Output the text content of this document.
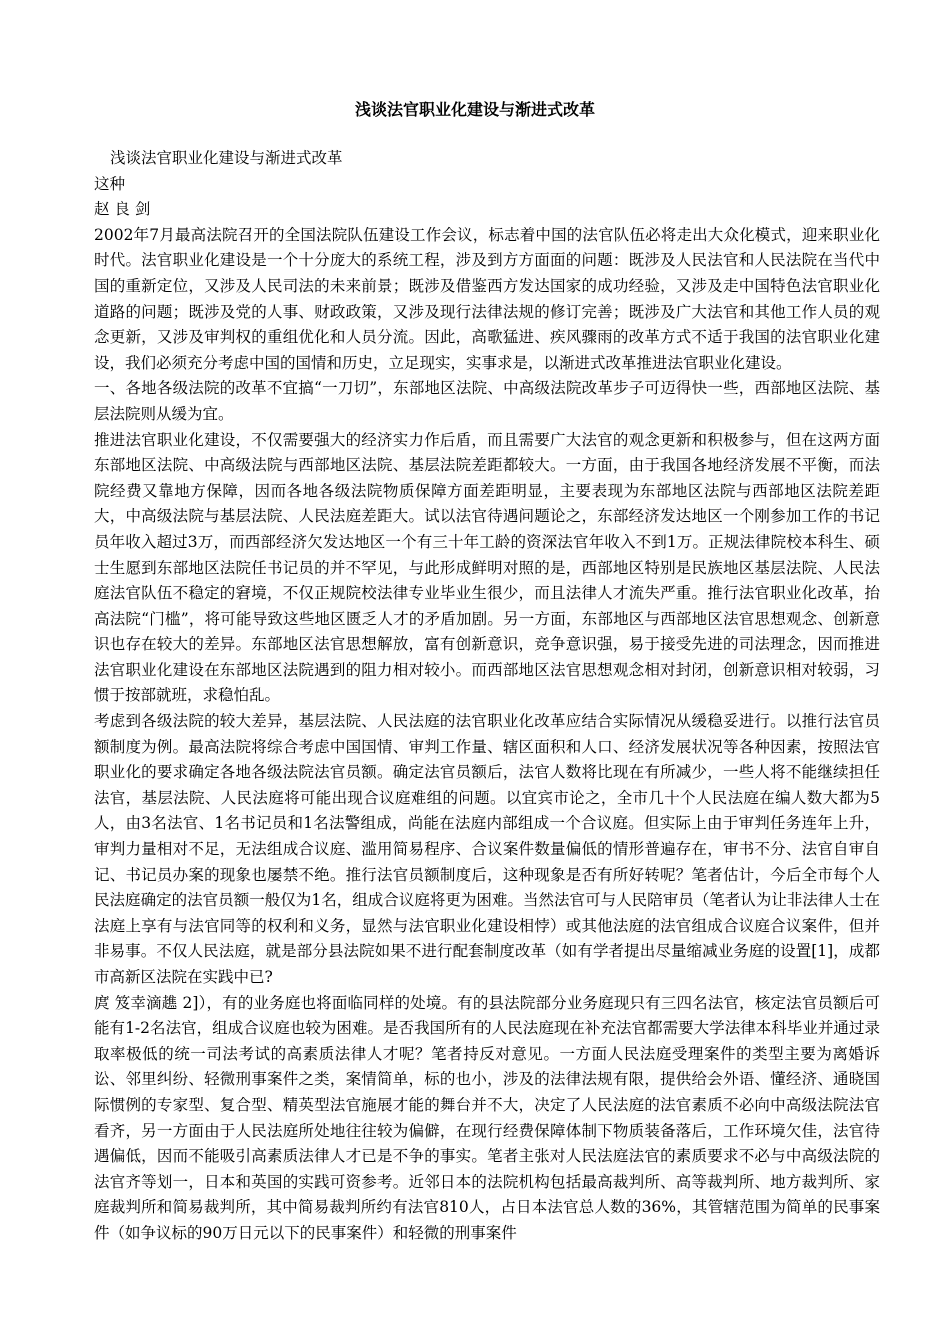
浅谈法官职业化建设与渐进式改革

浅谈法官职业化建设与渐进式改革

这种

赵 良 剑

2002年7月最高法院召开的全国法院队伍建设工作会议，标志着中国的法官队伍必将走出大众化模式，迎来职业化时代。法官职业化建设是一个十分庞大的系统工程，涉及到方方面面的问题：既涉及人民法官和人民法院在当代中国的重新定位，又涉及人民司法的未来前景；既涉及借鉴西方发达国家的成功经验，又涉及走中国特色法官职业化道路的问题；既涉及党的人事、财政政策，又涉及现行法律法规的修订完善；既涉及广大法官和其他工作人员的观念更新，又涉及审判权的重组优化和人员分流。因此，高歌猛进、疾风骤雨的改革方式不适于我国的法官职业化建设，我们必须充分考虑中国的国情和历史，立足现实，实事求是，以渐进式改革推进法官职业化建设。

一、各地各级法院的改革不宜搞“一刀切”，东部地区法院、中高级法院改革步子可迈得快一些，西部地区法院、基层法院则从缓为宜。

推进法官职业化建设，不仅需要强大的经济实力作后盾，而且需要广大法官的观念更新和积极参与，但在这两方面东部地区法院、中高级法院与西部地区法院、基层法院差距都较大。一方面，由于我国各地经济发展不平衡，而法院经费又靠地方保障，因而各地各级法院物质保障方面差距明显，主要表现为东部地区法院与西部地区法院差距大，中高级法院与基层法院、人民法庭差距大。试以法官待遇问题论之，东部经济发达地区一个刚参加工作的书记员年收入超过3万，而西部经济欠发达地区一个有三十年工龄的资深法官年收入不到1万。正规法律院校本科生、硕士生愿到东部地区法院任书记员的并不罕见，与此形成鲜明对照的是，西部地区特别是民族地区基层法院、人民法庭法官队伍不稳定的窘境，不仅正规院校法律专业毕业生很少，而且法律人才流失严重。推行法官职业化改革，抬高法院“门槛”，将可能导致这些地区匮乏人才的矛盾加剧。另一方面，东部地区与西部地区法官思想观念、创新意识也存在较大的差异。东部地区法官思想解放，富有创新意识，竞争意识强，易于接受先进的司法理念，因而推进法官职业化建设在东部地区法院遇到的阻力相对较小。而西部地区法官思想观念相对封闭，创新意识相对较弱，习惯于按部就班，求稳怕乱。

考虑到各级法院的较大差异，基层法院、人民法庭的法官职业化改革应结合实际情况从缓稳妥进行。以推行法官员额制度为例。最高法院将综合考虑中国国情、审判工作量、辖区面积和人口、经济发展状况等各种因素，按照法官职业化的要求确定各地各级法院法官员额。确定法官员额后，法官人数将比现在有所减少，一些人将不能继续担任法官，基层法院、人民法庭将可能出现合议庭难组的问题。以宜宾市论之，全市几十个人民法庭在编人数大都为5人，由3名法官、1名书记员和1名法警组成，尚能在法庭内部组成一个合议庭。但实际上由于审判任务连年上升，审判力量相对不足，无法组成合议庭、滥用简易程序、合议案件数量偏低的情形普遍存在，审书不分、法官自审自记、书记员办案的现象也屡禁不绝。推行法官员额制度后，这种现象是否有所好转呢？笔者估计，今后全市每个人民法庭确定的法官员额一般仅为1名，组成合议庭将更为困难。当然法官可与人民陪审员（笔者认为让非法律人士在法庭上享有与法官同等的权利和义务，显然与法官职业化建设相悖）或其他法庭的法官组成合议庭合议案件，但并非易事。不仅人民法庭，就是部分县法院如果不进行配套制度改革（如有学者提出尽量缩减业务庭的设置[1]，成都市高新区法院在实践中已?

庹 笈幸滴趭 2]），有的业务庭也将面临同样的处境。有的县法院部分业务庭现只有三四名法官，核定法官员额后可能有1-2名法官，组成合议庭也较为困难。是否我国所有的人民法庭现在补充法官都需要大学法律本科毕业并通过录取率极低的统一司法考试的高素质法律人才呢？笔者持反对意见。一方面人民法庭受理案件的类型主要为离婚诉讼、邻里纠纷、轻微刑事案件之类，案情简单，标的也小，涉及的法律法规有限，提供给会外语、懂经济、通晓国际惯例的专家型、复合型、精英型法官施展才能的舞台并不大，决定了人民法庭的法官素质不必向中高级法院法官看齐，另一方面由于人民法庭所处地往往较为偏僻，在现行经费保障体制下物质装备落后，工作环境欠佳，法官待遇偏低，因而不能吸引高素质法律人才已是不争的事实。笔者主张对人民法庭法官的素质要求不必与中高级法院的法官齐等划一，日本和英国的实践可资参考。近邻日本的法院机构包括最高裁判所、高等裁判所、地方裁判所、家庭裁判所和简易裁判所，其中简易裁判所约有法官810人，占日本法官总人数的36%，其管辖范围为简单的民事案件（如争议标的90万日元以下的民事案件）和轻微的刑事案件
